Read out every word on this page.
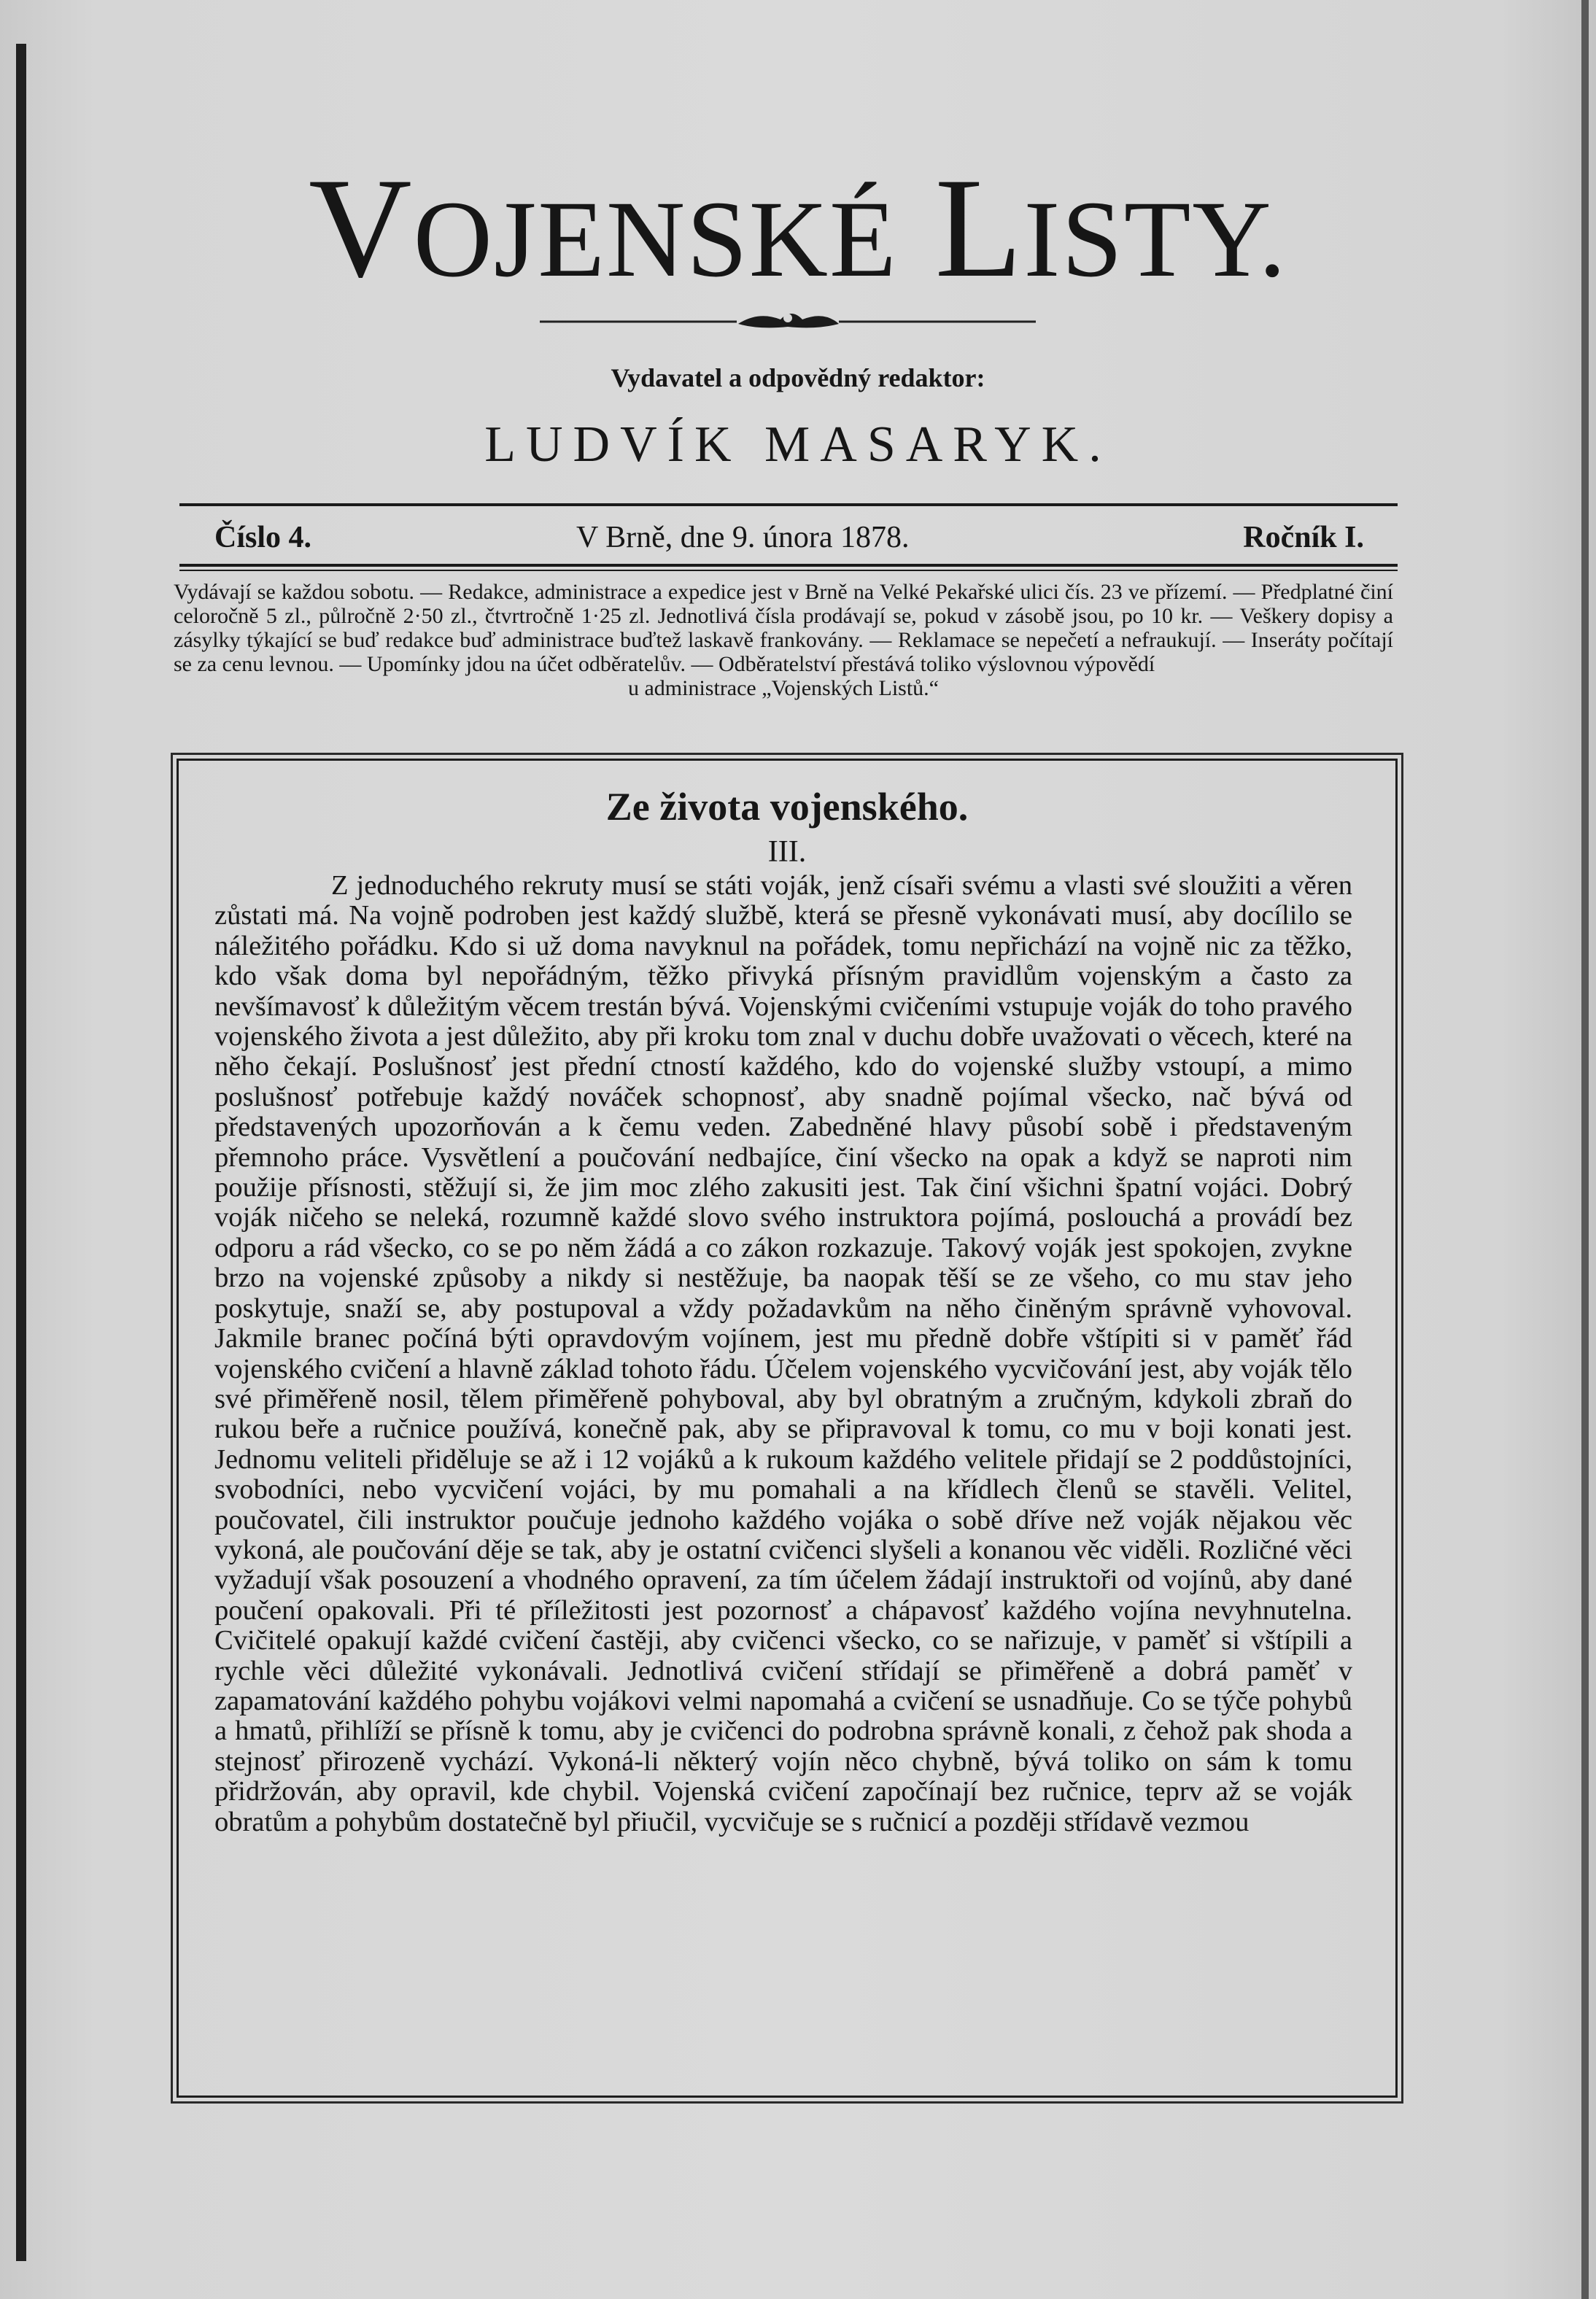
VOJENSKÉ LISTY.
Vydavatel a odpovědný redaktor:
LUDVÍK MASARYK.
Číslo 4.	V Brně, dne 9. února 1878.	Ročník I.
Vydávají se každou sobotu. — Redakce, administrace a expedice jest v Brně na Velké Pekařské ulici čís. 23 ve přízemí. — Předplatné činí celoročně 5 zl., půlročně 2·50 zl., čtvrtročně 1·25 zl. Jednotlivá čísla prodávají se, pokud v zásobě jsou, po 10 kr. — Veškery dopisy a zásylky týkající se buď redakce buď administrace buďtež laskavě frankovány. — Reklamace se nepečetí a nefraukují. — Inseráty počítají se za cenu levnou. — Upomínky jdou na účet odběratelův. — Odběratelství přestává toliko výslovnou výpovědí
u administrace „Vojenských Listů.“
Ze života vojenského.
III.

Z jednoduchého rekruty musí se státi voják, jenž císaři svému a vlasti své sloužiti a věren zůstati má. Na vojně podroben jest každý službě, která se přesně vykonávati musí, aby docílilo se náležitého pořádku. Kdo si už doma navyknul na pořádek, tomu nepřichází na vojně nic za těžko, kdo však doma byl nepořádným, těžko přivyká přísným pravidlům vojenským a často za nevšímavosť k důležitým věcem trestán bývá. Vojenskými cvičeními vstupuje voják do toho pravého vojenského života a jest důležito, aby při kroku tom znal v duchu dobře uvažovati o věcech, které na něho čekají. Poslušnosť jest přední ctností každého, kdo do vojenské služby vstoupí, a mimo poslušnosť potřebuje každý nováček schopnosť, aby snadně pojímal všecko, nač bývá od představených upozorňován a k čemu veden. Zabedněné hlavy působí sobě i představeným přemnoho práce. Vysvětlení a poučování nedbajíce, činí všecko na opak a když se naproti nim použije přísnosti, stěžují si, že jim moc zlého zakusiti jest. Tak činí všichni špatní vojáci. Dobrý voják ničeho se neleká, rozumně každé slovo svého instruktora pojímá, poslouchá a provádí bez odporu a rád všecko, co se po něm žádá a co zákon rozkazuje. Takový voják jest spokojen, zvykne brzo na vojenské způsoby a nikdy si nestěžuje, ba naopak těší se ze všeho, co mu stav jeho poskytuje, snaží se, aby postupoval a vždy požadavkům na něho činěným správně vyhovoval. Jakmile branec počíná býti opravdovým vojínem, jest mu předně dobře vštípiti si v paměť řád vojenského cvičení a hlavně základ tohoto řádu. Účelem vojenského vycvičování jest, aby voják tělo své přiměřeně nosil, tělem přiměřeně pohyboval, aby byl obratným a zručným, kdykoli zbraň do rukou beře a ručnice používá, konečně pak, aby se připravoval k tomu, co mu v boji konati jest. Jednomu veliteli přiděluje se až i 12 vojáků a k rukoum každého velitele přidají se 2 poddůstojníci, svobodníci, nebo vycvičení vojáci, by mu pomahali a na křídlech členů se stavěli. Velitel, poučovatel, čili instruktor poučuje jednoho každého vojáka o sobě dříve než voják nějakou věc vykoná, ale poučování děje se tak, aby je ostatní cvičenci slyšeli a konanou věc viděli. Rozličné věci vyžadují však posouzení a vhodného opravení, za tím účelem žádají instruktoři od vojínů, aby dané poučení opakovali. Při té příležitosti jest pozornosť a chápavosť každého vojína nevyhnutelna. Cvičitelé opakují každé cvičení častěji, aby cvičenci všecko, co se nařizuje, v paměť si vštípili a rychle věci důležité vykonávali. Jednotlivá cvičení střídají se přiměřeně a dobrá paměť v zapamatování každého pohybu vojákovi velmi napomahá a cvičení se usnadňuje. Co se týče pohybů a hmatů, přihlíží se přísně k tomu, aby je cvičenci do podrobna správně konali, z čehož pak shoda a stejnosť přirozeně vychází. Vykoná-li některý vojín něco chybně, bývá toliko on sám k tomu přidržován, aby opravil, kde chybil. Vojenská cvičení započínají bez ručnice, teprv až se voják obratům a pohybům dostatečně byl přiučil, vycvičuje se s ručnicí a později střídavě vezmou
